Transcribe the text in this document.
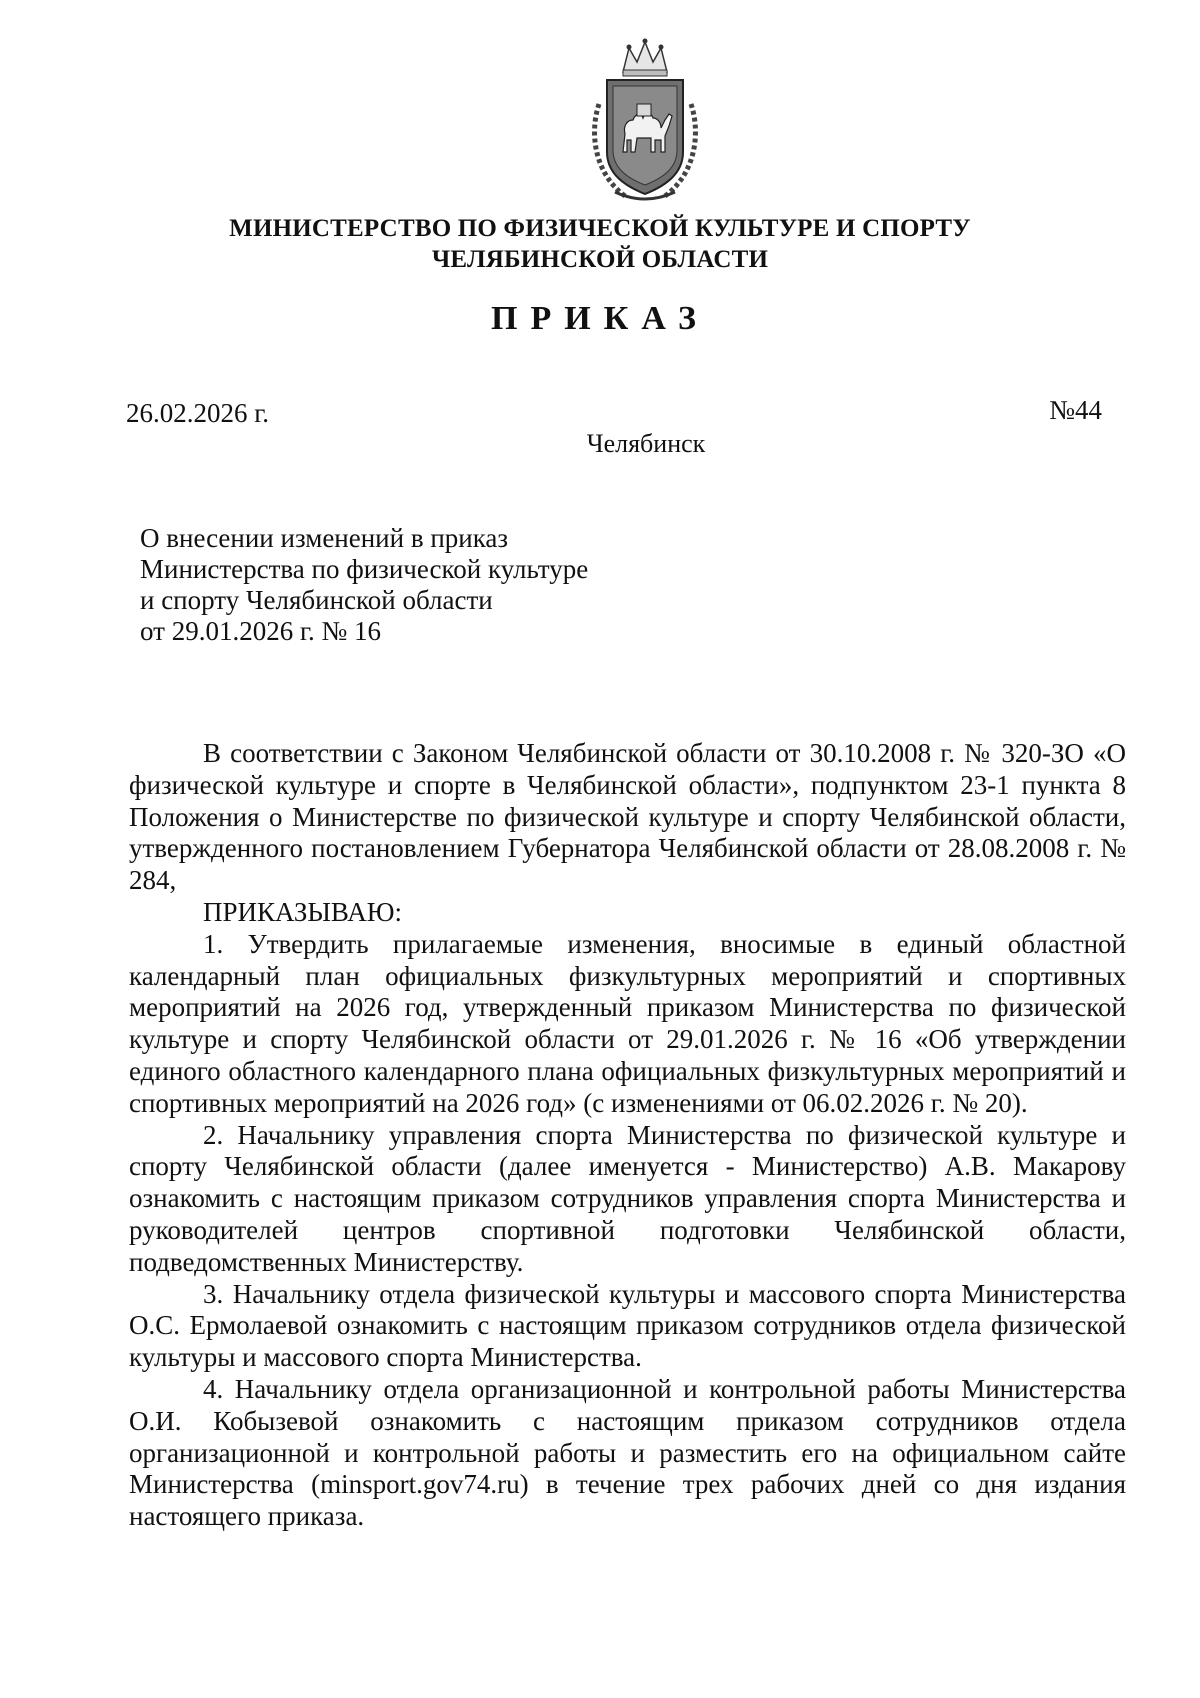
МИНИСТЕРСТВО ПО ФИЗИЧЕСКОЙ КУЛЬТУРЕ И СПОРТУ
ЧЕЛЯБИНСКОЙ ОБЛАСТИ
ПРИКАЗ
26.02.2026 г.	№44
Челябинск
О внесении изменений в приказ
Министерства по физической культуре
и спорту Челябинской области
от 29.01.2026 г. № 16

В соответствии с Законом Челябинской области от 30.10.2008 г. № 320-ЗО «О физической культуре и спорте в Челябинской области», подпунктом 23-1 пункта 8 Положения о Министерстве по физической культуре и спорту Челябинской области, утвержденного постановлением Губернатора Челябинской области от 28.08.2008 г. № 284,

ПРИКАЗЫВАЮ:

1. Утвердить прилагаемые изменения, вносимые в единый областной календарный план официальных физкультурных мероприятий и спортивных мероприятий на 2026 год, утвержденный приказом Министерства по физической культуре и спорту Челябинской области от 29.01.2026 г. № 16 «Об утверждении единого областного календарного плана официальных физкультурных мероприятий и спортивных мероприятий на 2026 год» (с изменениями от 06.02.2026 г. № 20).

2. Начальнику управления спорта Министерства по физической культуре и спорту Челябинской области (далее именуется - Министерство) А.В. Макарову ознакомить с настоящим приказом сотрудников управления спорта Министерства и руководителей центров спортивной подготовки Челябинской области, подведомственных Министерству.

3. Начальнику отдела физической культуры и массового спорта Министерства О.С. Ермолаевой ознакомить с настоящим приказом сотрудников отдела физической культуры и массового спорта Министерства.

4. Начальнику отдела организационной и контрольной работы Министерства О.И. Кобызевой ознакомить с настоящим приказом сотрудников отдела организационной и контрольной работы и разместить его на официальном сайте Министерства (minsport.gov74.ru) в течение трех рабочих дней со дня издания настоящего приказа.
